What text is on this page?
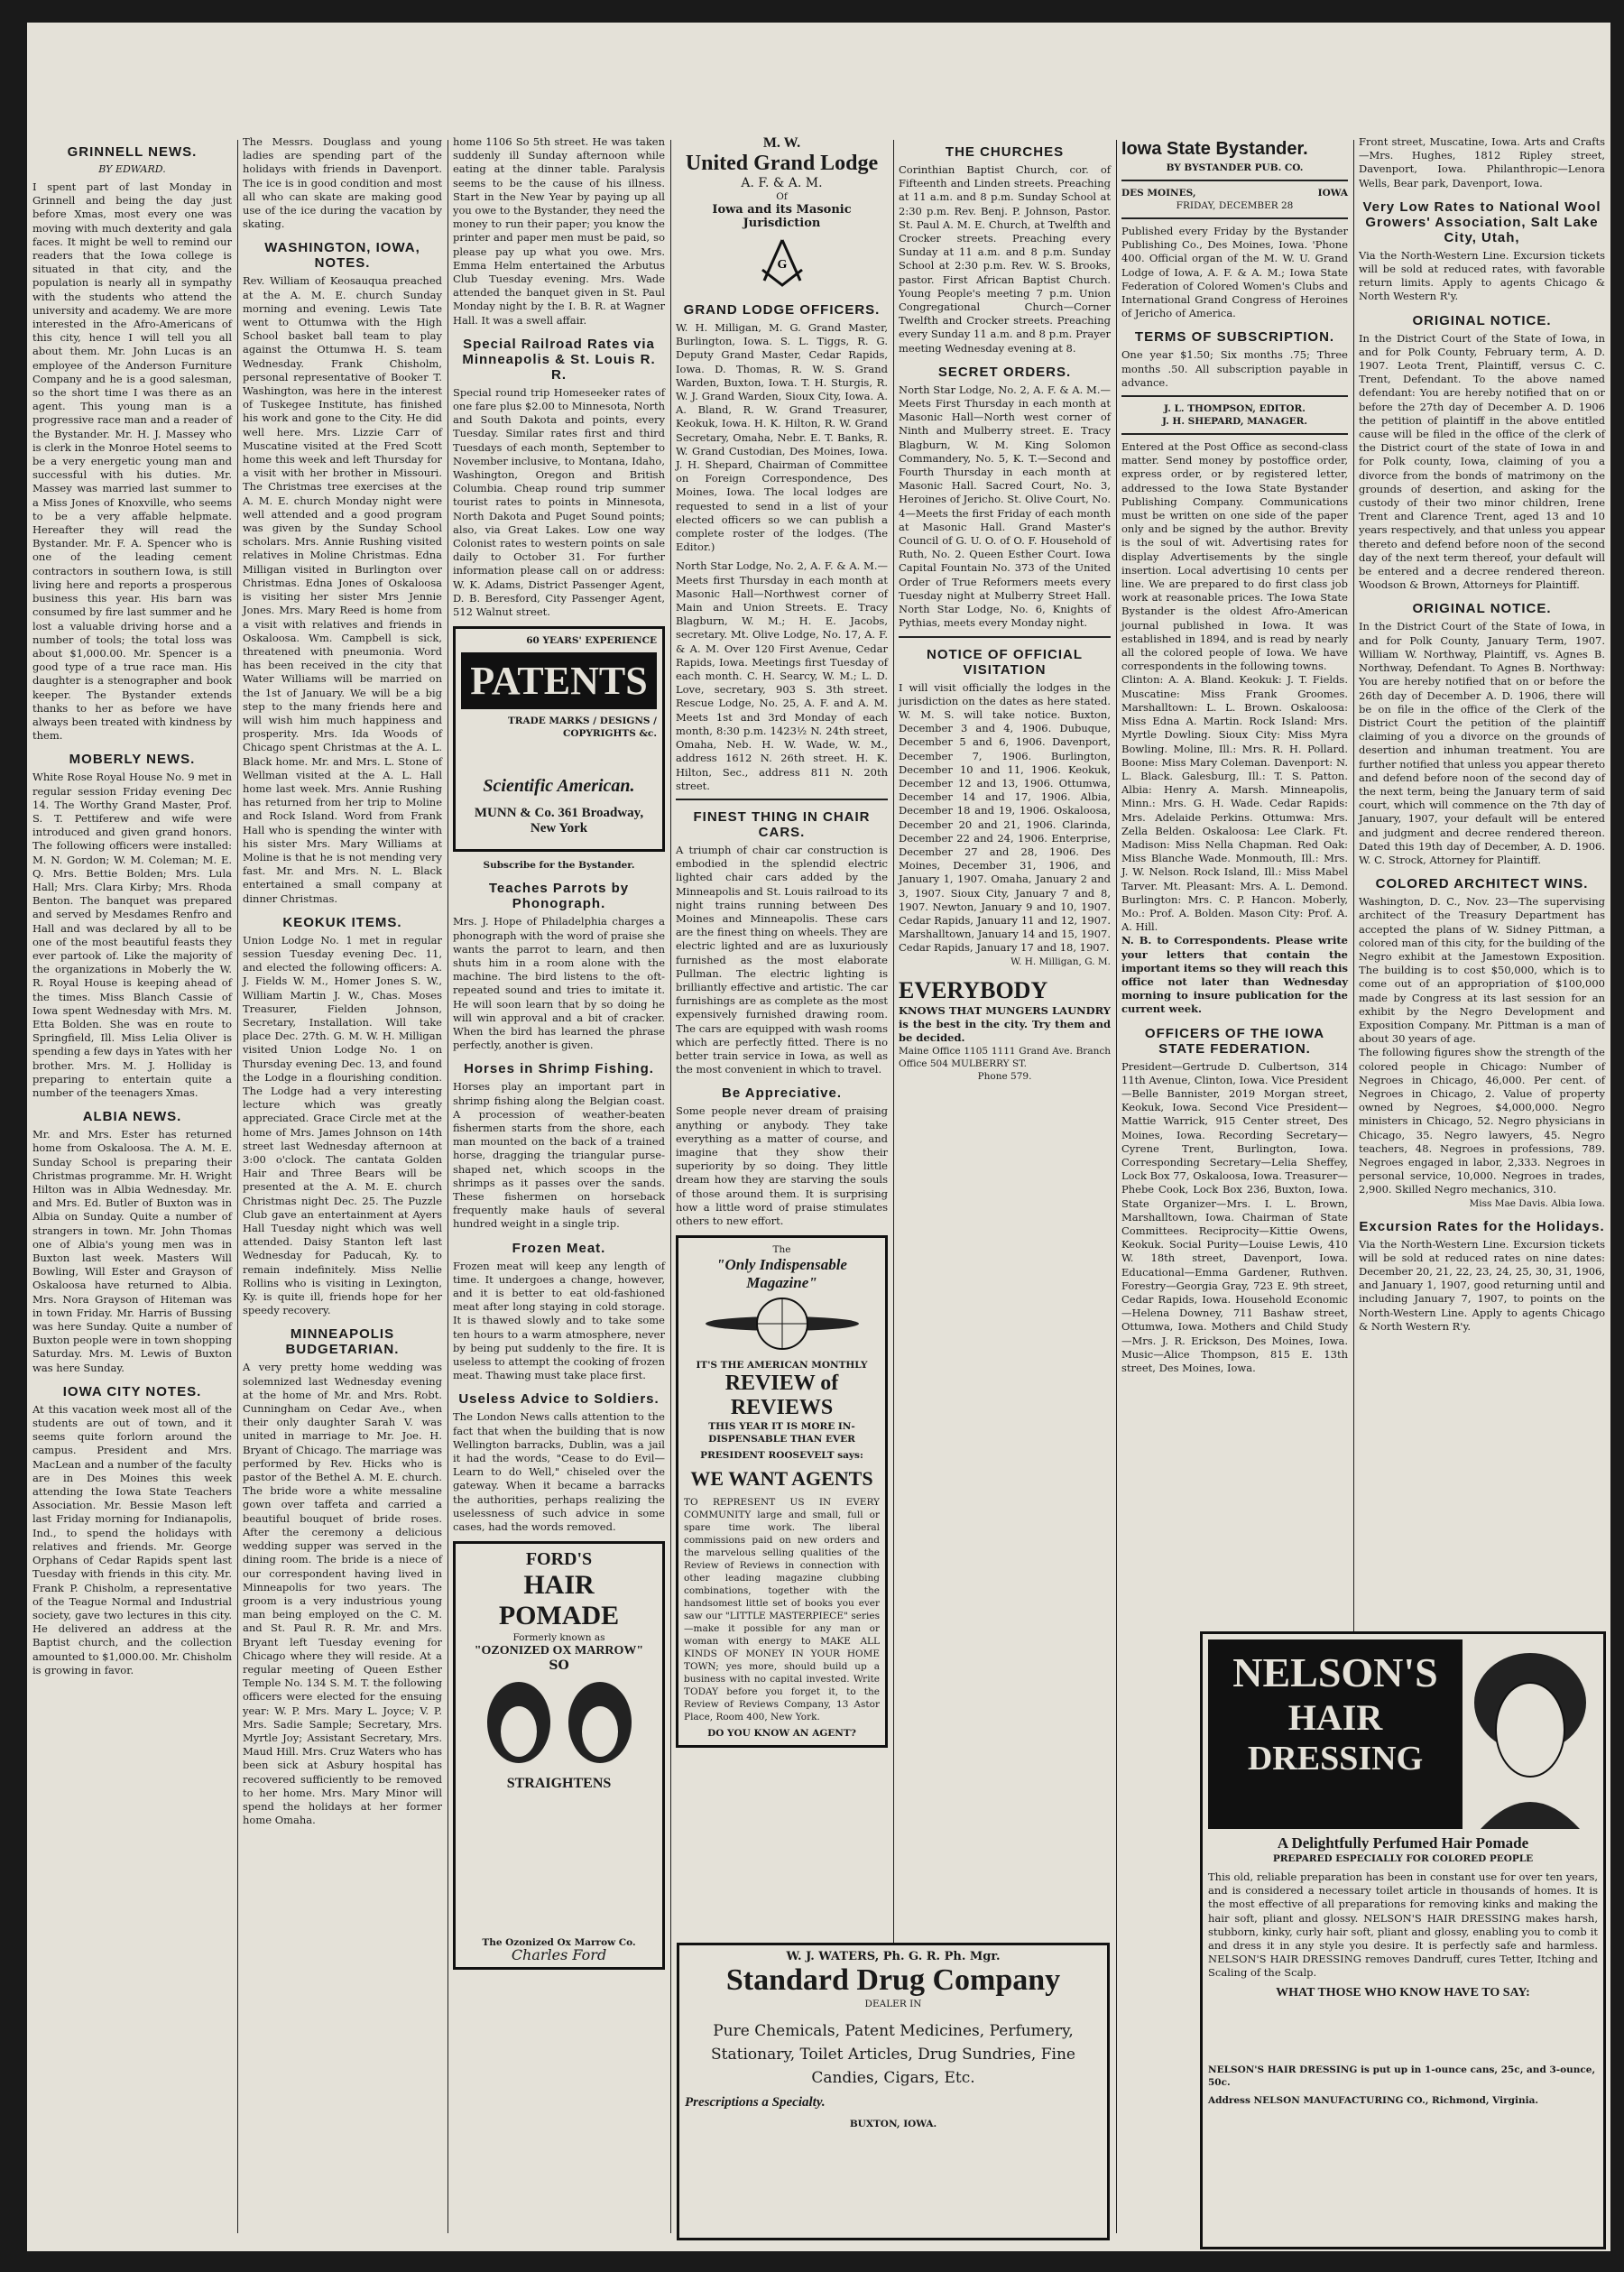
GRINNELL NEWS.
BY EDWARD.

I spent part of last Monday in Grinnell and being the day just before Xmas, most every one was moving with much dexterity and gala faces. It might be well to remind our readers that the Iowa college is situated in that city, and the population is nearly all in sympathy with the students who attend the university and academy. We are more interested in the Afro-Americans of this city, hence I will tell you all about them. Mr. John Lucas is an employee of the Anderson Furniture Company and he is a good salesman, so the short time I was there as an agent. This young man is a progressive race man and a reader of the Bystander. Mr. H. J. Massey who is clerk in the Monroe Hotel seems to be a very energetic young man and successful with his duties. Mr. Massey was married last summer to a Miss Jones of Knoxville, who seems to be a very affable helpmate. Hereafter they will read the Bystander. Mr. F. A. Spencer who is one of the leading cement contractors in southern Iowa, is still living here and reports a prosperous business this year. His barn was consumed by fire last summer and he lost a valuable driving horse and a number of tools; the total loss was about $1,000.00. Mr. Spencer is a good type of a true race man. His daughter is a stenographer and book keeper. The Bystander extends thanks to her as before we have always been treated with kindness by them.

MOBERLY NEWS.

White Rose Royal House No. 9 met in regular session Friday evening Dec 14. The Worthy Grand Master, Prof. S. T. Pettiferew and wife were introduced and given grand honors. The following officers were installed: M. N. Gordon; W. M. Coleman; M. E. Q. Mrs. Bettie Bolden; Mrs. Lula Hall; Mrs. Clara Kirby; Mrs. Rhoda Benton. The banquet was prepared and served by Mesdames Renfro and Hall and was declared by all to be one of the most beautiful feasts they ever partook of. Like the majority of the organizations in Moberly the W. R. Royal House is keeping ahead of the times. Miss Blanch Cassie of Iowa spent Wednesday with Mrs. M. Etta Bolden. She was en route to Springfield, Ill. Miss Lelia Oliver is spending a few days in Yates with her brother. Mrs. M. J. Holliday is preparing to entertain quite a number of the teenagers Xmas.

ALBIA NEWS.

Mr. and Mrs. Ester has returned home from Oskaloosa. The A. M. E. Sunday School is preparing their Christmas programme. Mr. H. Wright Hilton was in Albia Wednesday. Mr. and Mrs. Ed. Butler of Buxton was in Albia on Sunday. Quite a number of strangers in town. Mr. John Thomas one of Albia's young men was in Buxton last week. Masters Will Bowling, Will Ester and Grayson of Oskaloosa have returned to Albia. Mrs. Nora Grayson of Hiteman was in town Friday. Mr. Harris of Bussing was here Sunday. Quite a number of Buxton people were in town shopping Saturday. Mrs. M. Lewis of Buxton was here Sunday.

IOWA CITY NOTES.

At this vacation week most all of the students are out of town, and it seems quite forlorn around the campus. President and Mrs. MacLean and a number of the faculty are in Des Moines this week attending the Iowa State Teachers Association. Mr. Bessie Mason left last Friday morning for Indianapolis, Ind., to spend the holidays with relatives and friends. Mr. George Orphans of Cedar Rapids spent last Tuesday with friends in this city. Mr. Frank P. Chisholm, a representative of the Teague Normal and Industrial society, gave two lectures in this city. He delivered an address at the Baptist church, and the collection amounted to $1,000.00. Mr. Chisholm is growing in favor.

The Messrs. Douglass and young ladies are spending part of the holidays with friends in Davenport. The ice is in good condition and most all who can skate are making good use of the ice during the vacation by skating.

WASHINGTON, IOWA, NOTES.

Rev. William of Keosauqua preached at the A. M. E. church Sunday morning and evening. Lewis Tate went to Ottumwa with the High School basket ball team to play against the Ottumwa H. S. team Wednesday. Frank Chisholm, personal representative of Booker T. Washington, was here in the interest of Tuskegee Institute, has finished his work and gone to the City. He did well here. Mrs. Lizzie Carr of Muscatine visited at the Fred Scott home this week and left Thursday for a visit with her brother in Missouri. The Christmas tree exercises at the A. M. E. church Monday night were well attended and a good program was given by the Sunday School scholars. Mrs. Annie Rushing visited relatives in Moline Christmas. Edna Milligan visited in Burlington over Christmas. Edna Jones of Oskaloosa is visiting her sister Mrs Jennie Jones. Mrs. Mary Reed is home from a visit with relatives and friends in Oskaloosa. Wm. Campbell is sick, threatened with pneumonia. Word has been received in the city that Water Williams will be married on the 1st of January. We will be a big step to the many friends here and will wish him much happiness and prosperity. Mrs. Ida Woods of Chicago spent Christmas at the A. L. Black home. Mr. and Mrs. L. Stone of Wellman visited at the A. L. Hall home last week. Mrs. Annie Rushing has returned from her trip to Moline and Rock Island. Word from Frank Hall who is spending the winter with his sister Mrs. Mary Williams at Moline is that he is not mending very fast. Mr. and Mrs. N. L. Black entertained a small company at dinner Christmas.

KEOKUK ITEMS.

Union Lodge No. 1 met in regular session Tuesday evening Dec. 11, and elected the following officers: A. J. Fields W. M., Homer Jones S. W., William Martin J. W., Chas. Moses Treasurer, Fielden Johnson, Secretary, Installation. Will take place Dec. 27th. G. M. W. H. Milligan visited Union Lodge No. 1 on Thursday evening Dec. 13, and found the Lodge in a flourishing condition. The Lodge had a very interesting lecture which was greatly appreciated. Grace Circle met at the home of Mrs. James Johnson on 14th street last Wednesday afternoon at 3:00 o'clock. The cantata Golden Hair and Three Bears will be presented at the A. M. E. church Christmas night Dec. 25. The Puzzle Club gave an entertainment at Ayers Hall Tuesday night which was well attended. Daisy Stanton left last Wednesday for Paducah, Ky. to remain indefinitely. Miss Nellie Rollins who is visiting in Lexington, Ky. is quite ill, friends hope for her speedy recovery.

MINNEAPOLIS BUDGETARIAN.

A very pretty home wedding was solemnized last Wednesday evening at the home of Mr. and Mrs. Robt. Cunningham on Cedar Ave., when their only daughter Sarah V. was united in marriage to Mr. Joe. H. Bryant of Chicago. The marriage was performed by Rev. Hicks who is pastor of the Bethel A. M. E. church. The bride wore a white messaline gown over taffeta and carried a beautiful bouquet of bride roses. After the ceremony a delicious wedding supper was served in the dining room. The bride is a niece of our correspondent having lived in Minneapolis for two years. The groom is a very industrious young man being employed on the C. M. and St. Paul R. R. Mr. and Mrs. Bryant left Tuesday evening for Chicago where they will reside. At a regular meeting of Queen Esther Temple No. 134 S. M. T. the following officers were elected for the ensuing year: W. P. Mrs. Mary L. Joyce; V. P. Mrs. Sadie Sample; Secretary, Mrs. Myrtle Joy; Assistant Secretary, Mrs. Maud Hill. Mrs. Cruz Waters who has been sick at Asbury hospital has recovered sufficiently to be removed to her home. Mrs. Mary Minor will spend the holidays at her former home Omaha.

home 1106 So 5th street. He was taken suddenly ill Sunday afternoon while eating at the dinner table. Paralysis seems to be the cause of his illness. Start in the New Year by paying up all you owe to the Bystander, they need the money to run their paper; you know the printer and paper men must be paid, so please pay up what you owe. Mrs. Emma Helm entertained the Arbutus Club Tuesday evening. Mrs. Wade attended the banquet given in St. Paul Monday night by the I. B. R. at Wagner Hall. It was a swell affair.

Special Railroad Rates via Minneapolis & St. Louis R. R.

Special round trip Homeseeker rates of one fare plus $2.00 to Minnesota, North and South Dakota and points, every Tuesday. Similar rates first and third Tuesdays of each month, September to November inclusive, to Montana, Idaho, Washington, Oregon and British Columbia. Cheap round trip summer tourist rates to points in Minnesota, North Dakota and Puget Sound points; also, via Great Lakes. Low one way Colonist rates to western points on sale daily to October 31. For further information please call on or address: W. K. Adams, District Passenger Agent, D. B. Beresford, City Passenger Agent, 512 Walnut street.

60 YEARS' EXPERIENCE
PATENTS
TRADE MARKS / DESIGNS / COPYRIGHTS &c.
Scientific American.
MUNN & Co. 361 Broadway, New York
Subscribe for the Bystander.
Teaches Parrots by Phonograph.

Mrs. J. Hope of Philadelphia charges a phonograph with the word of praise she wants the parrot to learn, and then shuts him in a room alone with the machine. The bird listens to the oft-repeated sound and tries to imitate it. He will soon learn that by so doing he will win approval and a bit of cracker. When the bird has learned the phrase perfectly, another is given.

Horses in Shrimp Fishing.

Horses play an important part in shrimp fishing along the Belgian coast. A procession of weather-beaten fishermen starts from the shore, each man mounted on the back of a trained horse, dragging the triangular purse-shaped net, which scoops in the shrimps as it passes over the sands. These fishermen on horseback frequently make hauls of several hundred weight in a single trip.

Frozen Meat.

Frozen meat will keep any length of time. It undergoes a change, however, and it is better to eat old-fashioned meat after long staying in cold storage. It is thawed slowly and to take some ten hours to a warm atmosphere, never by being put suddenly to the fire. It is useless to attempt the cooking of frozen meat. Thawing must take place first.

Useless Advice to Soldiers.

The London News calls attention to the fact that when the building that is now Wellington barracks, Dublin, was a jail it had the words, "Cease to do Evil—Learn to do Well," chiseled over the gateway. When it became a barracks the authorities, perhaps realizing the uselessness of such advice in some cases, had the words removed.

FORD'S
HAIR POMADE
Formerly known as
"OZONIZED OX MARROW"
SO
STRAIGHTENS
The Ozonized Ox Marrow Co.
Charles Ford
M. W.
United Grand Lodge
A. F. & A. M.
Of
Iowa and its Masonic Jurisdiction
G
GRAND LODGE OFFICERS.

W. H. Milligan, M. G. Grand Master, Burlington, Iowa. S. L. Tiggs, R. G. Deputy Grand Master, Cedar Rapids, Iowa. D. Thomas, R. W. S. Grand Warden, Buxton, Iowa. T. H. Sturgis, R. W. J. Grand Warden, Sioux City, Iowa. A. A. Bland, R. W. Grand Treasurer, Keokuk, Iowa. H. K. Hilton, R. W. Grand Secretary, Omaha, Nebr. E. T. Banks, R. W. Grand Custodian, Des Moines, Iowa. J. H. Shepard, Chairman of Committee on Foreign Correspondence, Des Moines, Iowa. The local lodges are requested to send in a list of your elected officers so we can publish a complete roster of the lodges. (The Editor.)

North Star Lodge, No. 2, A. F. & A. M.—Meets first Thursday in each month at Masonic Hall—Northwest corner of Main and Union Streets. E. Tracy Blagburn, W. M.; H. E. Jacobs, secretary. Mt. Olive Lodge, No. 17, A. F. & A. M. Over 120 First Avenue, Cedar Rapids, Iowa. Meetings first Tuesday of each month. C. H. Searcy, W. M.; L. D. Love, secretary, 903 S. 3th street. Rescue Lodge, No. 25, A. F. and A. M. Meets 1st and 3rd Monday of each month, 8:30 p.m. 1423½ N. 24th street, Omaha, Neb. H. W. Wade, W. M., address 1612 N. 26th street. H. K. Hilton, Sec., address 811 N. 20th street.

FINEST THING IN CHAIR CARS.

A triumph of chair car construction is embodied in the splendid electric lighted chair cars added by the Minneapolis and St. Louis railroad to its night trains running between Des Moines and Minneapolis. These cars are the finest thing on wheels. They are electric lighted and are as luxuriously furnished as the most elaborate Pullman. The electric lighting is brilliantly effective and artistic. The car furnishings are as complete as the most expensively furnished drawing room. The cars are equipped with wash rooms which are perfectly fitted. There is no better train service in Iowa, as well as the most convenient in which to travel.

Be Appreciative.

Some people never dream of praising anything or anybody. They take everything as a matter of course, and imagine that they show their superiority by so doing. They little dream how they are starving the souls of those around them. It is surprising how a little word of praise stimulates others to new effort.

The
"Only Indispensable Magazine"
IT'S THE AMERICAN MONTHLY
REVIEW of REVIEWS
THIS YEAR IT IS MORE IN-DISPENSABLE THAN EVER
PRESIDENT ROOSEVELT says:
WE WANT AGENTS

TO REPRESENT US IN EVERY COMMUNITY large and small, full or spare time work. The liberal commissions paid on new orders and the marvelous selling qualities of the Review of Reviews in connection with other leading magazine clubbing combinations, together with the handsomest little set of books you ever saw our "LITTLE MASTERPIECE" series—make it possible for any man or woman with energy to MAKE ALL KINDS OF MONEY IN YOUR HOME TOWN; yes more, should build up a business with no capital invested. Write TODAY before you forget it, to the Review of Reviews Company, 13 Astor Place, Room 400, New York.

DO YOU KNOW AN AGENT?
THE CHURCHES

Corinthian Baptist Church, cor. of Fifteenth and Linden streets. Preaching at 11 a.m. and 8 p.m. Sunday School at 2:30 p.m. Rev. Benj. P. Johnson, Pastor. St. Paul A. M. E. Church, at Twelfth and Crocker streets. Preaching every Sunday at 11 a.m. and 8 p.m. Sunday School at 2:30 p.m. Rev. W. S. Brooks, pastor. First African Baptist Church. Young People's meeting 7 p.m. Union Congregational Church—Corner Twelfth and Crocker streets. Preaching every Sunday 11 a.m. and 8 p.m. Prayer meeting Wednesday evening at 8.

SECRET ORDERS.

North Star Lodge, No. 2, A. F. & A. M.—Meets First Thursday in each month at Masonic Hall—North west corner of Ninth and Mulberry street. E. Tracy Blagburn, W. M. King Solomon Commandery, No. 5, K. T.—Second and Fourth Thursday in each month at Masonic Hall. Sacred Court, No. 3, Heroines of Jericho. St. Olive Court, No. 4—Meets the first Friday of each month at Masonic Hall. Grand Master's Council of G. U. O. of O. F. Household of Ruth, No. 2. Queen Esther Court. Iowa Capital Fountain No. 373 of the United Order of True Reformers meets every Tuesday night at Mulberry Street Hall. North Star Lodge, No. 6, Knights of Pythias, meets every Monday night.

NOTICE OF OFFICIAL VISITATION

I will visit officially the lodges in the jurisdiction on the dates as here stated. W. M. S. will take notice. Buxton, December 3 and 4, 1906. Dubuque, December 5 and 6, 1906. Davenport, December 7, 1906. Burlington, December 10 and 11, 1906. Keokuk, December 12 and 13, 1906. Ottumwa, December 14 and 17, 1906. Albia, December 18 and 19, 1906. Oskaloosa, December 20 and 21, 1906. Clarinda, December 22 and 24, 1906. Enterprise, December 27 and 28, 1906. Des Moines, December 31, 1906, and January 1, 1907. Omaha, January 2 and 3, 1907. Sioux City, January 7 and 8, 1907. Newton, January 9 and 10, 1907. Cedar Rapids, January 11 and 12, 1907. Marshalltown, January 14 and 15, 1907. Cedar Rapids, January 17 and 18, 1907.

W. H. Milligan, G. M.
EVERYBODY

KNOWS THAT MUNGERS LAUNDRY is the best in the city. Try them and be decided.

Maine Office 1105 1111 Grand Ave. Branch Office 504 MULBERRY ST.

Phone 579.
W. J. WATERS, Ph. G. R. Ph. Mgr.
Standard Drug Company
DEALER IN

Pure Chemicals, Patent Medicines, Perfumery, Stationary, Toilet Articles, Drug Sundries, Fine Candies, Cigars, Etc.

Prescriptions a Specialty.
BUXTON, IOWA.
Iowa State Bystander.
BY BYSTANDER PUB. CO.
DES MOINES,	IOWA
FRIDAY, DECEMBER 28

Published every Friday by the Bystander Publishing Co., Des Moines, Iowa. 'Phone 400. Official organ of the M. W. U. Grand Lodge of Iowa, A. F. & A. M.; Iowa State Federation of Colored Women's Clubs and International Grand Congress of Heroines of Jericho of America.

TERMS OF SUBSCRIPTION.

One year $1.50; Six months .75; Three months .50. All subscription payable in advance.

J. L. THOMPSON, EDITOR.
J. H. SHEPARD, MANAGER.

Entered at the Post Office as second-class matter. Send money by postoffice order, express order, or by registered letter, addressed to the Iowa State Bystander Publishing Company. Communications must be written on one side of the paper only and be signed by the author. Brevity is the soul of wit. Advertising rates for display Advertisements by the single insertion. Local advertising 10 cents per line. We are prepared to do first class job work at reasonable prices. The Iowa State Bystander is the oldest Afro-American journal published in Iowa. It was established in 1894, and is read by nearly all the colored people of Iowa. We have correspondents in the following towns.

Clinton: A. A. Bland. Keokuk: J. T. Fields. Muscatine: Miss Frank Groomes. Marshalltown: L. L. Brown. Oskaloosa: Miss Edna A. Martin. Rock Island: Mrs. Myrtle Dowling. Sioux City: Miss Myra Bowling. Moline, Ill.: Mrs. R. H. Pollard. Boone: Miss Mary Coleman. Davenport: N. L. Black. Galesburg, Ill.: T. S. Patton. Albia: Henry A. Marsh. Minneapolis, Minn.: Mrs. G. H. Wade. Cedar Rapids: Mrs. Adelaide Perkins. Ottumwa: Mrs. Zella Belden. Oskaloosa: Lee Clark. Ft. Madison: Miss Nella Chapman. Red Oak: Miss Blanche Wade. Monmouth, Ill.: Mrs. J. W. Nelson. Rock Island, Ill.: Miss Mabel Tarver. Mt. Pleasant: Mrs. A. L. Demond. Burlington: Mrs. C. P. Hancon. Moberly, Mo.: Prof. A. Bolden. Mason City: Prof. A. A. Hill.

N. B. to Correspondents. Please write your letters that contain the important items so they will reach this office not later than Wednesday morning to insure publication for the current week.

OFFICERS OF THE IOWA STATE FEDERATION.

President—Gertrude D. Culbertson, 314 11th Avenue, Clinton, Iowa. Vice President—Belle Bannister, 2019 Morgan street, Keokuk, Iowa. Second Vice President—Mattie Warrick, 915 Center street, Des Moines, Iowa. Recording Secretary—Cyrene Trent, Burlington, Iowa. Corresponding Secretary—Lelia Sheffey, Lock Box 77, Oskaloosa, Iowa. Treasurer—Phebe Cook, Lock Box 236, Buxton, Iowa. State Organizer—Mrs. I. L. Brown, Marshalltown, Iowa. Chairman of State Committees. Reciprocity—Kittie Owens, Keokuk. Social Purity—Louise Lewis, 410 W. 18th street, Davenport, Iowa. Educational—Emma Gardener, Ruthven. Forestry—Georgia Gray, 723 E. 9th street, Cedar Rapids, Iowa. Household Economic—Helena Downey, 711 Bashaw street, Ottumwa, Iowa. Mothers and Child Study—Mrs. J. R. Erickson, Des Moines, Iowa. Music—Alice Thompson, 815 E. 13th street, Des Moines, Iowa.

Front street, Muscatine, Iowa. Arts and Crafts—Mrs. Hughes, 1812 Ripley street, Davenport, Iowa. Philanthropic—Lenora Wells, Bear park, Davenport, Iowa.

Very Low Rates to National Wool Growers' Association, Salt Lake City, Utah,

Via the North-Western Line. Excursion tickets will be sold at reduced rates, with favorable return limits. Apply to agents Chicago & North Western R'y.

ORIGINAL NOTICE.

In the District Court of the State of Iowa, in and for Polk County, February term, A. D. 1907. Leota Trent, Plaintiff, versus C. C. Trent, Defendant. To the above named defendant: You are hereby notified that on or before the 27th day of December A. D. 1906 the petition of plaintiff in the above entitled cause will be filed in the office of the clerk of the District court of the state of Iowa in and for Polk county, Iowa, claiming of you a divorce from the bonds of matrimony on the grounds of desertion, and asking for the custody of their two minor children, Irene Trent and Clarence Trent, aged 13 and 10 years respectively, and that unless you appear thereto and defend before noon of the second day of the next term thereof, your default will be entered and a decree rendered thereon. Woodson & Brown, Attorneys for Plaintiff.

ORIGINAL NOTICE.

In the District Court of the State of Iowa, in and for Polk County, January Term, 1907. William W. Northway, Plaintiff, vs. Agnes B. Northway, Defendant. To Agnes B. Northway: You are hereby notified that on or before the 26th day of December A. D. 1906, there will be on file in the office of the Clerk of the District Court the petition of the plaintiff claiming of you a divorce on the grounds of desertion and inhuman treatment. You are further notified that unless you appear thereto and defend before noon of the second day of the next term, being the January term of said court, which will commence on the 7th day of January, 1907, your default will be entered and judgment and decree rendered thereon. Dated this 19th day of December, A. D. 1906. W. C. Strock, Attorney for Plaintiff.

COLORED ARCHITECT WINS.

Washington, D. C., Nov. 23—The supervising architect of the Treasury Department has accepted the plans of W. Sidney Pittman, a colored man of this city, for the building of the Negro exhibit at the Jamestown Exposition. The building is to cost $50,000, which is to come out of an appropriation of $100,000 made by Congress at its last session for an exhibit by the Negro Development and Exposition Company. Mr. Pittman is a man of about 30 years of age.

The following figures show the strength of the colored people in Chicago: Number of Negroes in Chicago, 46,000. Per cent. of Negroes in Chicago, 2. Value of property owned by Negroes, $4,000,000. Negro ministers in Chicago, 52. Negro physicians in Chicago, 35. Negro lawyers, 45. Negro teachers, 48. Negroes in professions, 789. Negroes engaged in labor, 2,333. Negroes in personal service, 10,000. Negroes in trades, 2,900. Skilled Negro mechanics, 310.

Miss Mae Davis. Albia Iowa.
Excursion Rates for the Holidays.

Via the North-Western Line. Excursion tickets will be sold at reduced rates on nine dates: December 20, 21, 22, 23, 24, 25, 30, 31, 1906, and January 1, 1907, good returning until and including January 7, 1907, to points on the North-Western Line. Apply to agents Chicago & North Western R'y.

NELSON'S
HAIR
DRESSING
A Delightfully Perfumed Hair Pomade
PREPARED ESPECIALLY FOR COLORED PEOPLE

This old, reliable preparation has been in constant use for over ten years, and is considered a necessary toilet article in thousands of homes. It is the most effective of all preparations for removing kinks and making the hair soft, pliant and glossy. NELSON'S HAIR DRESSING makes harsh, stubborn, kinky, curly hair soft, pliant and glossy, enabling you to comb it and dress it in any style you desire. It is perfectly safe and harmless. NELSON'S HAIR DRESSING removes Dandruff, cures Tetter, Itching and Scaling of the Scalp.

WHAT THOSE WHO KNOW HAVE TO SAY:
NELSON'S HAIR DRESSING is put up in 1-ounce cans, 25c, and 3-ounce, 50c.
Address NELSON MANUFACTURING CO., Richmond, Virginia.
